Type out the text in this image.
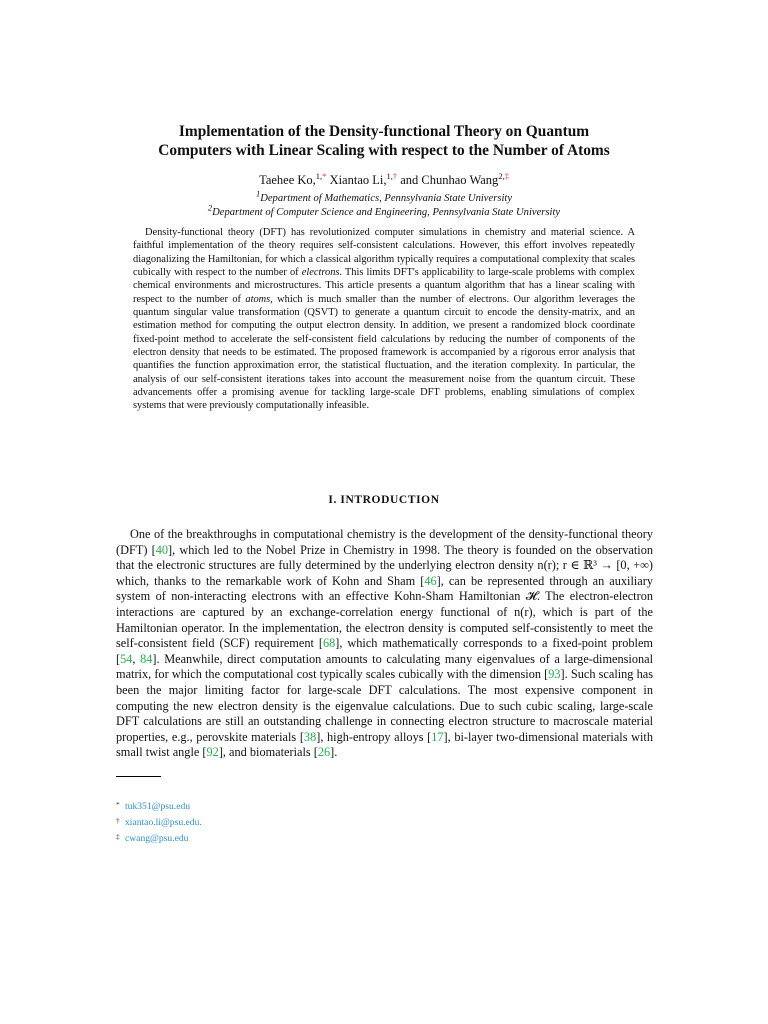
Implementation of the Density-functional Theory on Quantum
Computers with Linear Scaling with respect to the Number of Atoms
Taehee Ko,$^{1,*}$ Xiantao Li,$^{1,\dagger}$ and Chunhao Wang$^{2,\ddagger}$
$^1$Department of Mathematics, Pennsylvania State University
$^2$Department of Computer Science and Engineering, Pennsylvania State University

Density-functional theory (DFT) has revolutionized computer simulations in chemistry and material science. A faithful implementation of the theory requires self-consistent calculations. However, this effort involves repeatedly diagonalizing the Hamiltonian, for which a classical algorithm typically requires a computational complexity that scales cubically with respect to the number of electrons. This limits DFT's applicability to large-scale problems with complex chemical environments and microstructures. This article presents a quantum algorithm that has a linear scaling with respect to the number of atoms, which is much smaller than the number of electrons. Our algorithm leverages the quantum singular value transformation (QSVT) to generate a quantum circuit to encode the density-matrix, and an estimation method for computing the output electron density. In addition, we present a randomized block coordinate fixed-point method to accelerate the self-consistent field calculations by reducing the number of components of the electron density that needs to be estimated. The proposed framework is accompanied by a rigorous error analysis that quantifies the function approximation error, the statistical fluctuation, and the iteration complexity. In particular, the analysis of our self-consistent iterations takes into account the measurement noise from the quantum circuit. These advancements offer a promising avenue for tackling large-scale DFT problems, enabling simulations of complex systems that were previously computationally infeasible.

I. INTRODUCTION

One of the breakthroughs in computational chemistry is the development of the density-functional theory (DFT) [40], which led to the Nobel Prize in Chemistry in 1998. The theory is founded on the observation that the electronic structures are fully determined by the underlying electron density n(r); r ∈ ℝ³ → [0, +∞) which, thanks to the remarkable work of Kohn and Sham [46], can be represented through an auxiliary system of non-interacting electrons with an effective Kohn-Sham Hamiltonian 𝓗. The electron-electron interactions are captured by an exchange-correlation energy functional of n(r), which is part of the Hamiltonian operator. In the implementation, the electron density is computed self-consistently to meet the self-consistent field (SCF) requirement [68], which mathematically corresponds to a fixed-point problem [54, 84]. Meanwhile, direct computation amounts to calculating many eigenvalues of a large-dimensional matrix, for which the computational cost typically scales cubically with the dimension [93]. Such scaling has been the major limiting factor for large-scale DFT calculations. The most expensive component in computing the new electron density is the eigenvalue calculations. Due to such cubic scaling, large-scale DFT calculations are still an outstanding challenge in connecting electron structure to macroscale material properties, e.g., perovskite materials [38], high-entropy alloys [17], bi-layer two-dimensional materials with small twist angle [92], and biomaterials [26].

* tuk351@psu.edu
† xiantao.li@psu.edu.
‡ cwang@psu.edu
